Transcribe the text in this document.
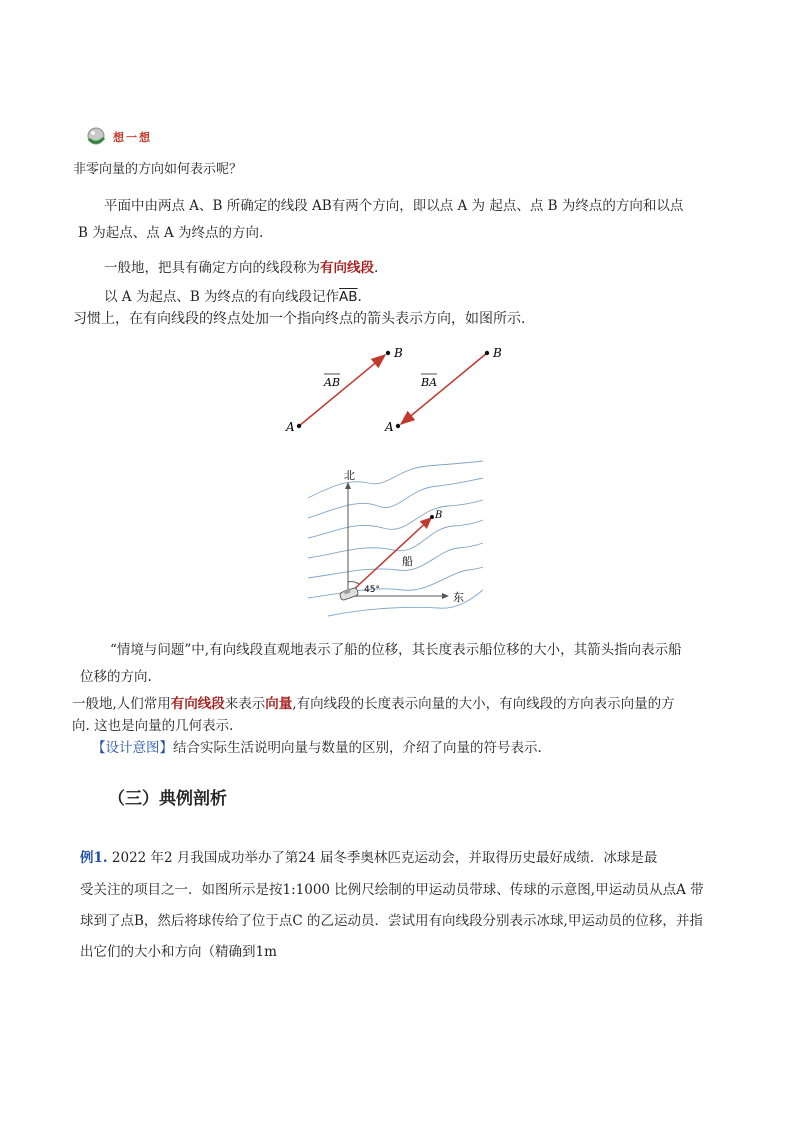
想一想
非零向量的方向如何表示呢？
平面中由两点 A、B 所确定的线段 AB有两个方向，即以点 A 为 起点、点 B 为终点的方向和以点
B 为起点、点 A 为终点的方向.
一般地，把具有确定方向的线段称为有向线段.
以 A 为起点、B 为终点的有向线段记作$\overline{AB}$.
习惯上，在有向线段的终点处加一个指向终点的箭头表示方向，如图所示.
A
B
AB
A
B
BA
北
东
船
B
45°
“情境与问题”中,有向线段直观地表示了船的位移，其长度表示船位移的大小，其箭头指向表示船
位移的方向.
一般地,人们常用有向线段来表示向量,有向线段的长度表示向量的大小，有向线段的方向表示向量的方
向. 这也是向量的几何表示.
【设计意图】结合实际生活说明向量与数量的区别，介绍了向量的符号表示.
（三）典例剖析
例1. 2022 年2 月我国成功举办了第24 届冬季奥林匹克运动会，并取得历史最好成绩．冰球是最
受关注的项目之一．如图所示是按1:1000 比例尺绘制的甲运动员带球、传球的示意图,甲运动员从点A 带
球到了点B，然后将球传给了位于点C 的乙运动员．尝试用有向线段分别表示冰球,甲运动员的位移，并指
出它们的大小和方向（精确到1m
